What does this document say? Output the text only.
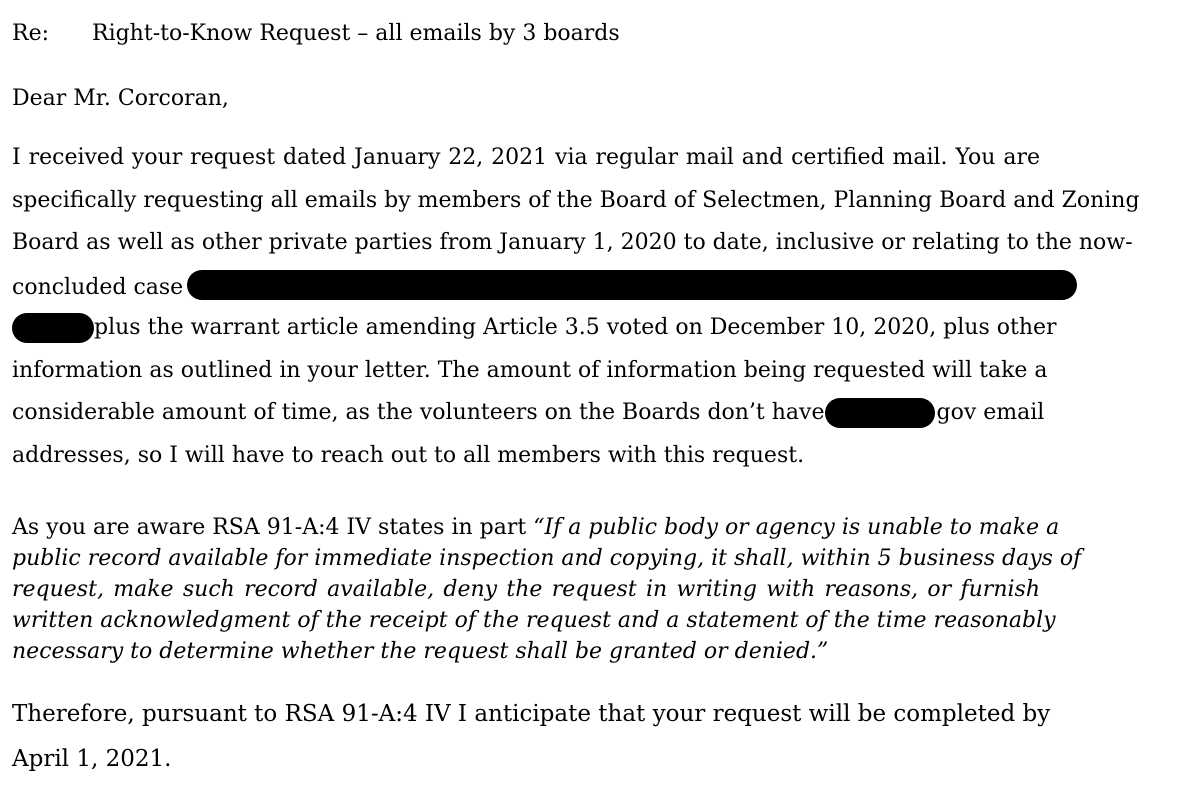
Re: Right-to-Know Request – all emails by 3 boards
Dear Mr. Corcoran,
I received your request dated January 22, 2021 via regular mail and certified mail. You are
specifically requesting all emails by members of the Board of Selectmen, Planning Board and Zoning
Board as well as other private parties from January 1, 2020 to date, inclusive or relating to the now-
concluded case
plus the warrant article amending Article 3.5 voted on December 10, 2020, plus other
information as outlined in your letter. The amount of information being requested will take a
considerable amount of time, as the volunteers on the Boards don’t have	gov email
addresses, so I will have to reach out to all members with this request.
As you are aware RSA 91-A:4 IV states in part “If a public body or agency is unable to make a
public record available for immediate inspection and copying, it shall, within 5 business days of
request, make such record available, deny the request in writing with reasons, or furnish
written acknowledgment of the receipt of the request and a statement of the time reasonably
necessary to determine whether the request shall be granted or denied.”
Therefore, pursuant to RSA 91-A:4 IV I anticipate that your request will be completed by
April 1, 2021.
